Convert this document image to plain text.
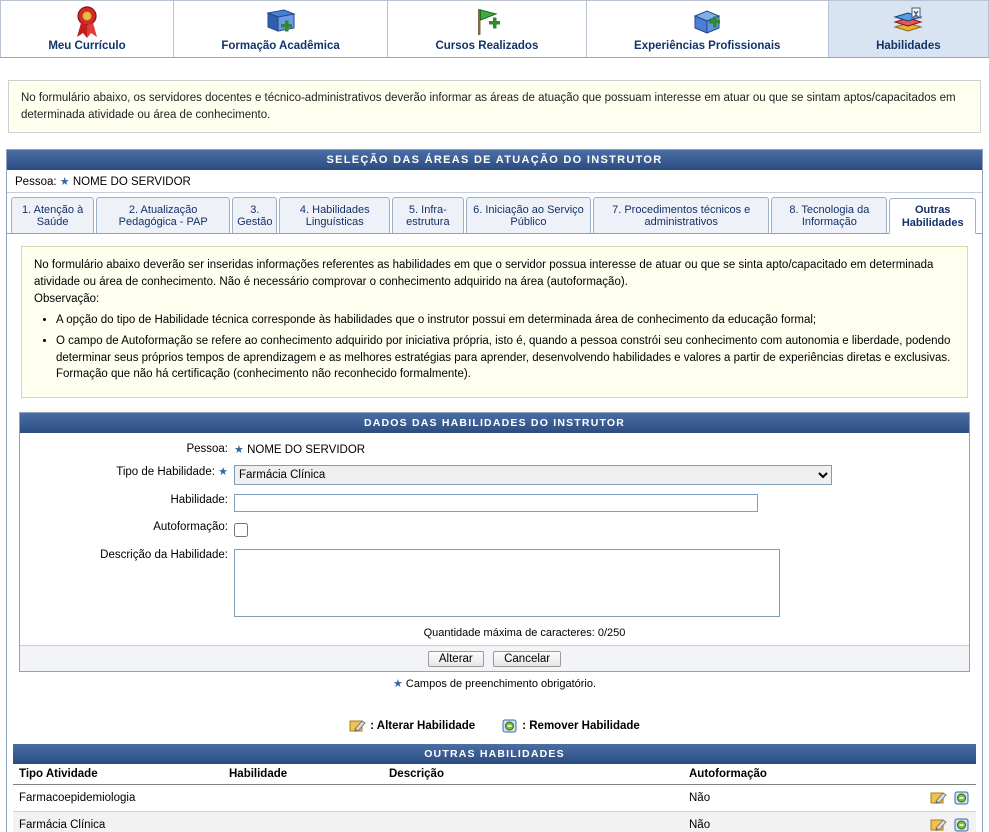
Meu Currículo	Formação Acadêmica	Cursos Realizados	Experiências Profissionais	Habilidades
No formulário abaixo, os servidores docentes e técnico-administrativos deverão informar as áreas de atuação que possuam interesse em atuar ou que se sintam aptos/capacitados em determinada atividade ou área de conhecimento.
SELEÇÃO DAS ÁREAS DE ATUAÇÃO DO INSTRUTOR
Pessoa: ★ NOME DO SERVIDOR
1. Atenção à Saúde
2. Atualização Pedagógica - PAP
3. Gestão
4. Habilidades Linguísticas
5. Infra-estrutura
6. Iniciação ao Serviço Público
7. Procedimentos técnicos e administrativos
8. Tecnologia da Informação
Outras Habilidades
No formulário abaixo deverão ser inseridas informações referentes as habilidades em que o servidor possua interesse de atuar ou que se sinta apto/capacitado em determinada atividade ou área de conhecimento. Não é necessário comprovar o conhecimento adquirido na área (autoformação).
Observação:
• A opção do tipo de Habilidade técnica corresponde às habilidades que o instrutor possui em determinada área de conhecimento da educação formal;
• O campo de Autoformação se refere ao conhecimento adquirido por iniciativa própria, isto é, quando a pessoa constrói seu conhecimento com autonomia e liberdade, podendo determinar seus próprios tempos de aprendizagem e as melhores estratégias para aprender, desenvolvendo habilidades e valores a partir de experiências diretas e exclusivas. Formação que não há certificação (conhecimento não reconhecido formalmente).
DADOS DAS HABILIDADES DO INSTRUTOR
Pessoa: ★ NOME DO SERVIDOR
Tipo de Habilidade: ★
Farmácia Clínica
Habilidade:
Autoformação:
Descrição da Habilidade:
Quantidade máxima de caracteres: 0/250
Alterar	Cancelar
★ Campos de preenchimento obrigatório.
: Alterar Habilidade	: Remover Habilidade
OUTRAS HABILIDADES
Tipo Atividade	Habilidade	Descrição	Autoformação	
Farmacoepidemiologia			Não	

Farmácia Clínica			Não	
